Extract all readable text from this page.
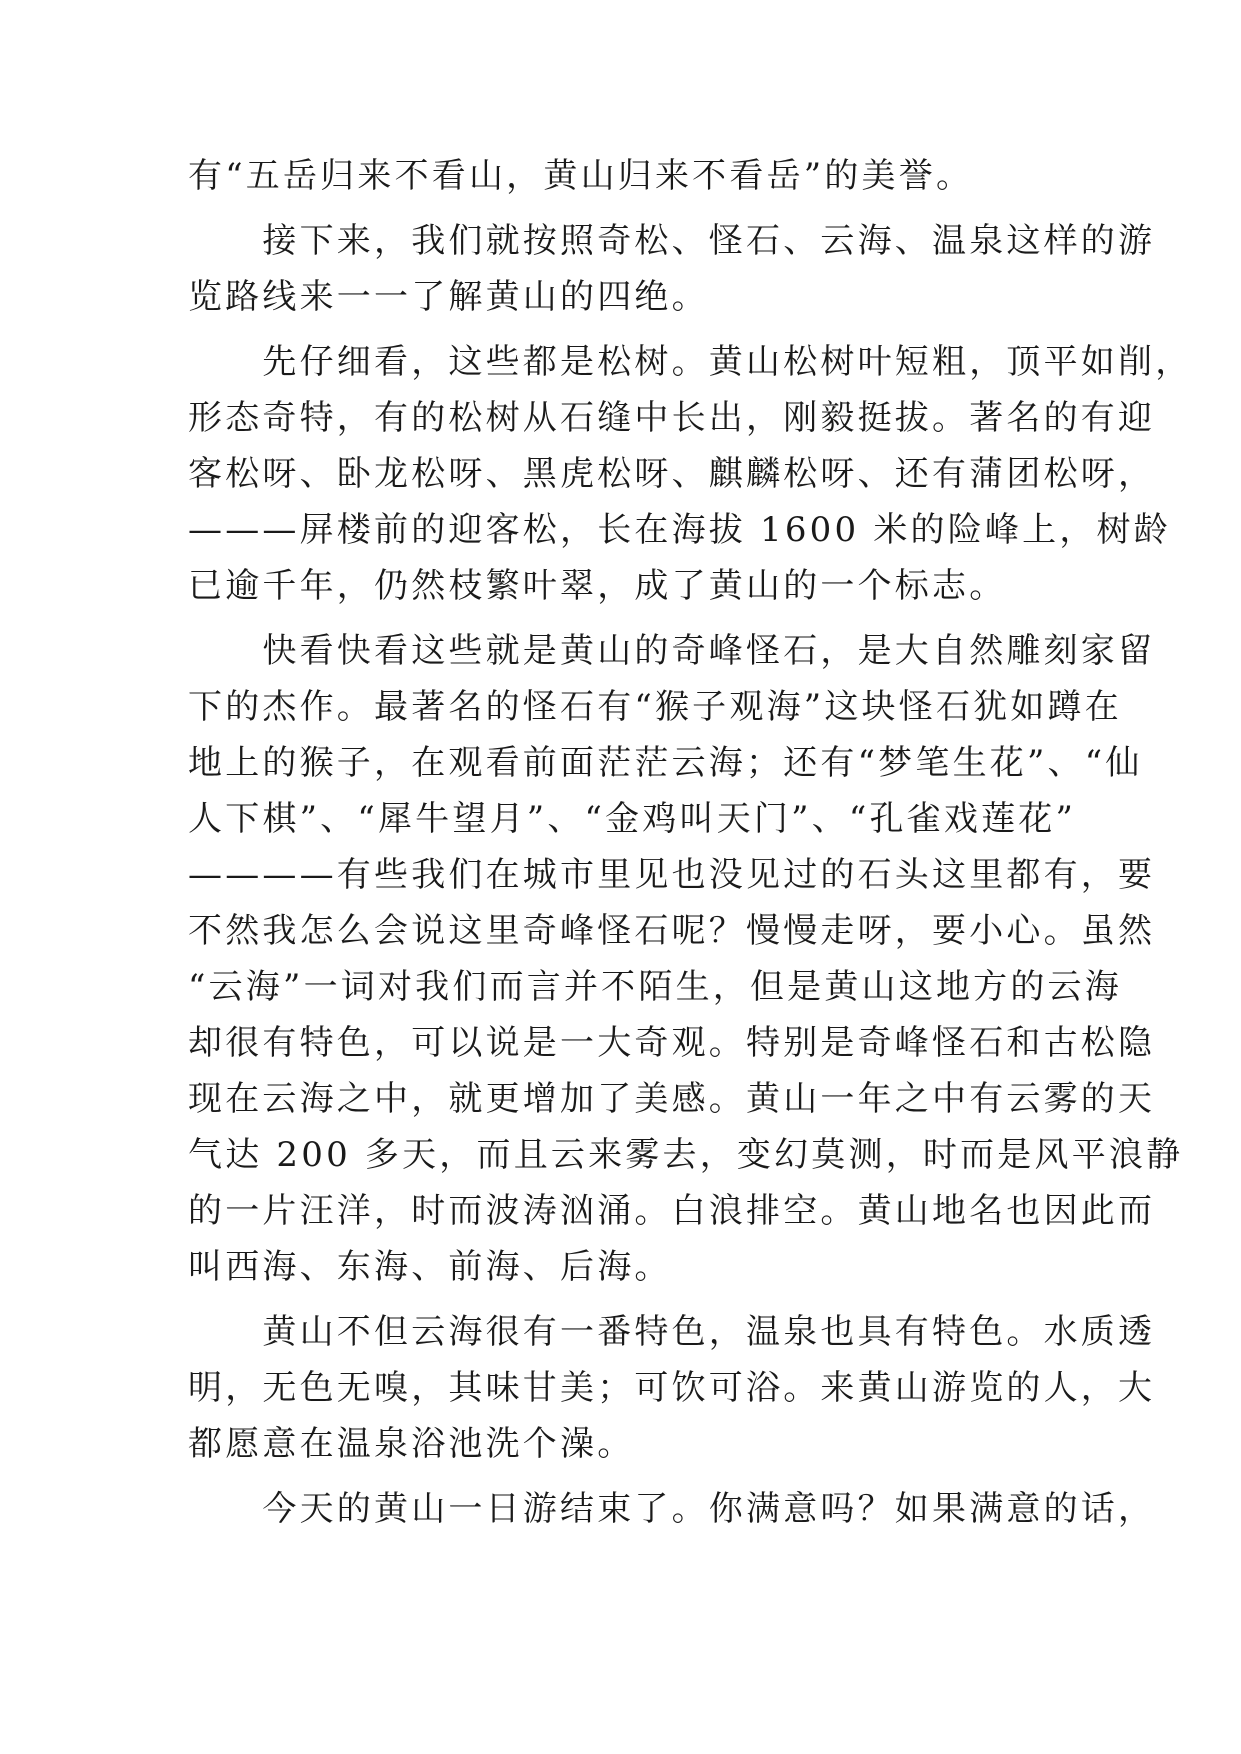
有“五岳归来不看山，黄山归来不看岳”的美誉。
　　接下来，我们就按照奇松、怪石、云海、温泉这样的游
览路线来一一了解黄山的四绝。
　　先仔细看，这些都是松树。黄山松树叶短粗，顶平如削，
形态奇特，有的松树从石缝中长出，刚毅挺拔。著名的有迎
客松呀、卧龙松呀、黑虎松呀、麒麟松呀、还有蒲团松呀，
———屏楼前的迎客松，长在海拔 1600 米的险峰上，树龄
已逾千年，仍然枝繁叶翠，成了黄山的一个标志。
　　快看快看这些就是黄山的奇峰怪石，是大自然雕刻家留
下的杰作。最著名的怪石有“猴子观海”这块怪石犹如蹲在
地上的猴子，在观看前面茫茫云海；还有“梦笔生花”、“仙
人下棋”、“犀牛望月”、“金鸡叫天门”、“孔雀戏莲花”
————有些我们在城市里见也没见过的石头这里都有，要
不然我怎么会说这里奇峰怪石呢？慢慢走呀，要小心。虽然
“云海”一词对我们而言并不陌生，但是黄山这地方的云海
却很有特色，可以说是一大奇观。特别是奇峰怪石和古松隐
现在云海之中，就更增加了美感。黄山一年之中有云雾的天
气达 200 多天，而且云来雾去，变幻莫测，时而是风平浪静
的一片汪洋，时而波涛汹涌。白浪排空。黄山地名也因此而
叫西海、东海、前海、后海。
　　黄山不但云海很有一番特色，温泉也具有特色。水质透
明，无色无嗅，其味甘美；可饮可浴。来黄山游览的人，大
都愿意在温泉浴池洗个澡。
　　今天的黄山一日游结束了。你满意吗？如果满意的话，
